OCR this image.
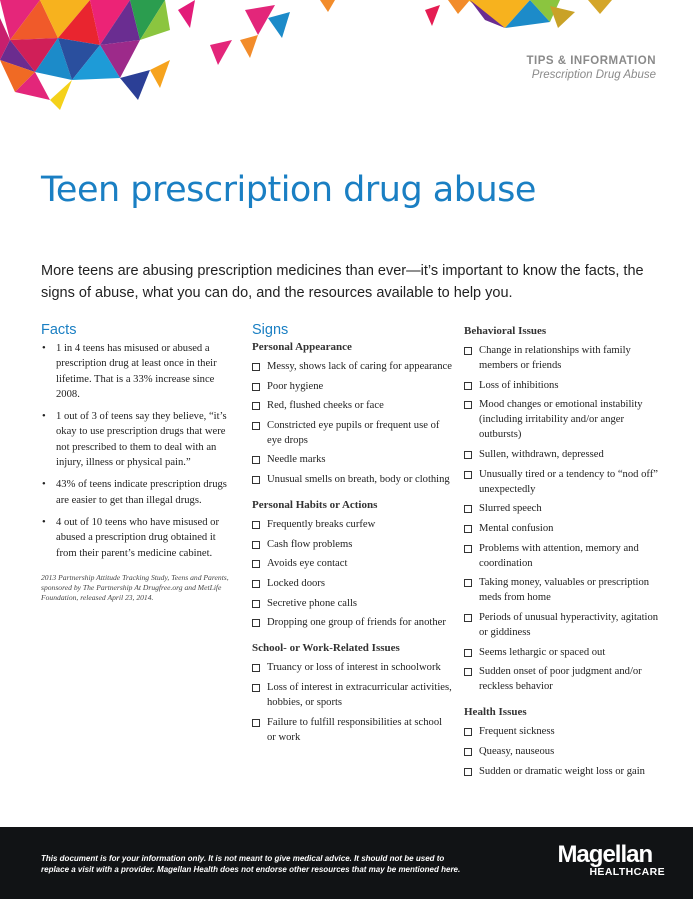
TIPS & INFORMATION
Prescription Drug Abuse
Teen prescription drug abuse

More teens are abusing prescription medicines than ever—it’s important to know the facts, the signs of abuse, what you can do, and the resources available to help you.

Facts
• 1 in 4 teens has misused or abused a prescription drug at least once in their lifetime. That is a 33% increase since 2008.
• 1 out of 3 of teens say they believe, “it’s okay to use prescription drugs that were not prescribed to them to deal with an injury, illness or physical pain.”
• 43% of teens indicate prescription drugs are easier to get than illegal drugs.
• 4 out of 10 teens who have misused or abused a prescription drug obtained it from their parent’s medicine cabinet.
2013 Partnership Attitude Tracking Study, Teens and Parents, sponsored by The Partnership At Drugfree.org and MetLife Foundation, released April 23, 2014.
Signs
Personal Appearance
Messy, shows lack of caring for appearance
Poor hygiene
Red, flushed cheeks or face
Constricted eye pupils or frequent use of eye drops
Needle marks
Unusual smells on breath, body or clothing
Personal Habits or Actions
Frequently breaks curfew
Cash flow problems
Avoids eye contact
Locked doors
Secretive phone calls
Dropping one group of friends for another
School- or Work-Related Issues
Truancy or loss of interest in schoolwork
Loss of interest in extracurricular activities, hobbies, or sports
Failure to fulfill responsibilities at school or work
Behavioral Issues
Change in relationships with family members or friends
Loss of inhibitions
Mood changes or emotional instability (including irritability and/or anger outbursts)
Sullen, withdrawn, depressed
Unusually tired or a tendency to “nod off” unexpectedly
Slurred speech
Mental confusion
Problems with attention, memory and coordination
Taking money, valuables or prescription meds from home
Periods of unusual hyperactivity, agitation or giddiness
Seems lethargic or spaced out
Sudden onset of poor judgment and/or reckless behavior
Health Issues
Frequent sickness
Queasy, nauseous
Sudden or dramatic weight loss or gain
This document is for your information only. It is not meant to give medical advice. It should not be used to replace a visit with a provider. Magellan Health does not endorse other resources that may be mentioned here.
Magellan
HEALTHCARE
